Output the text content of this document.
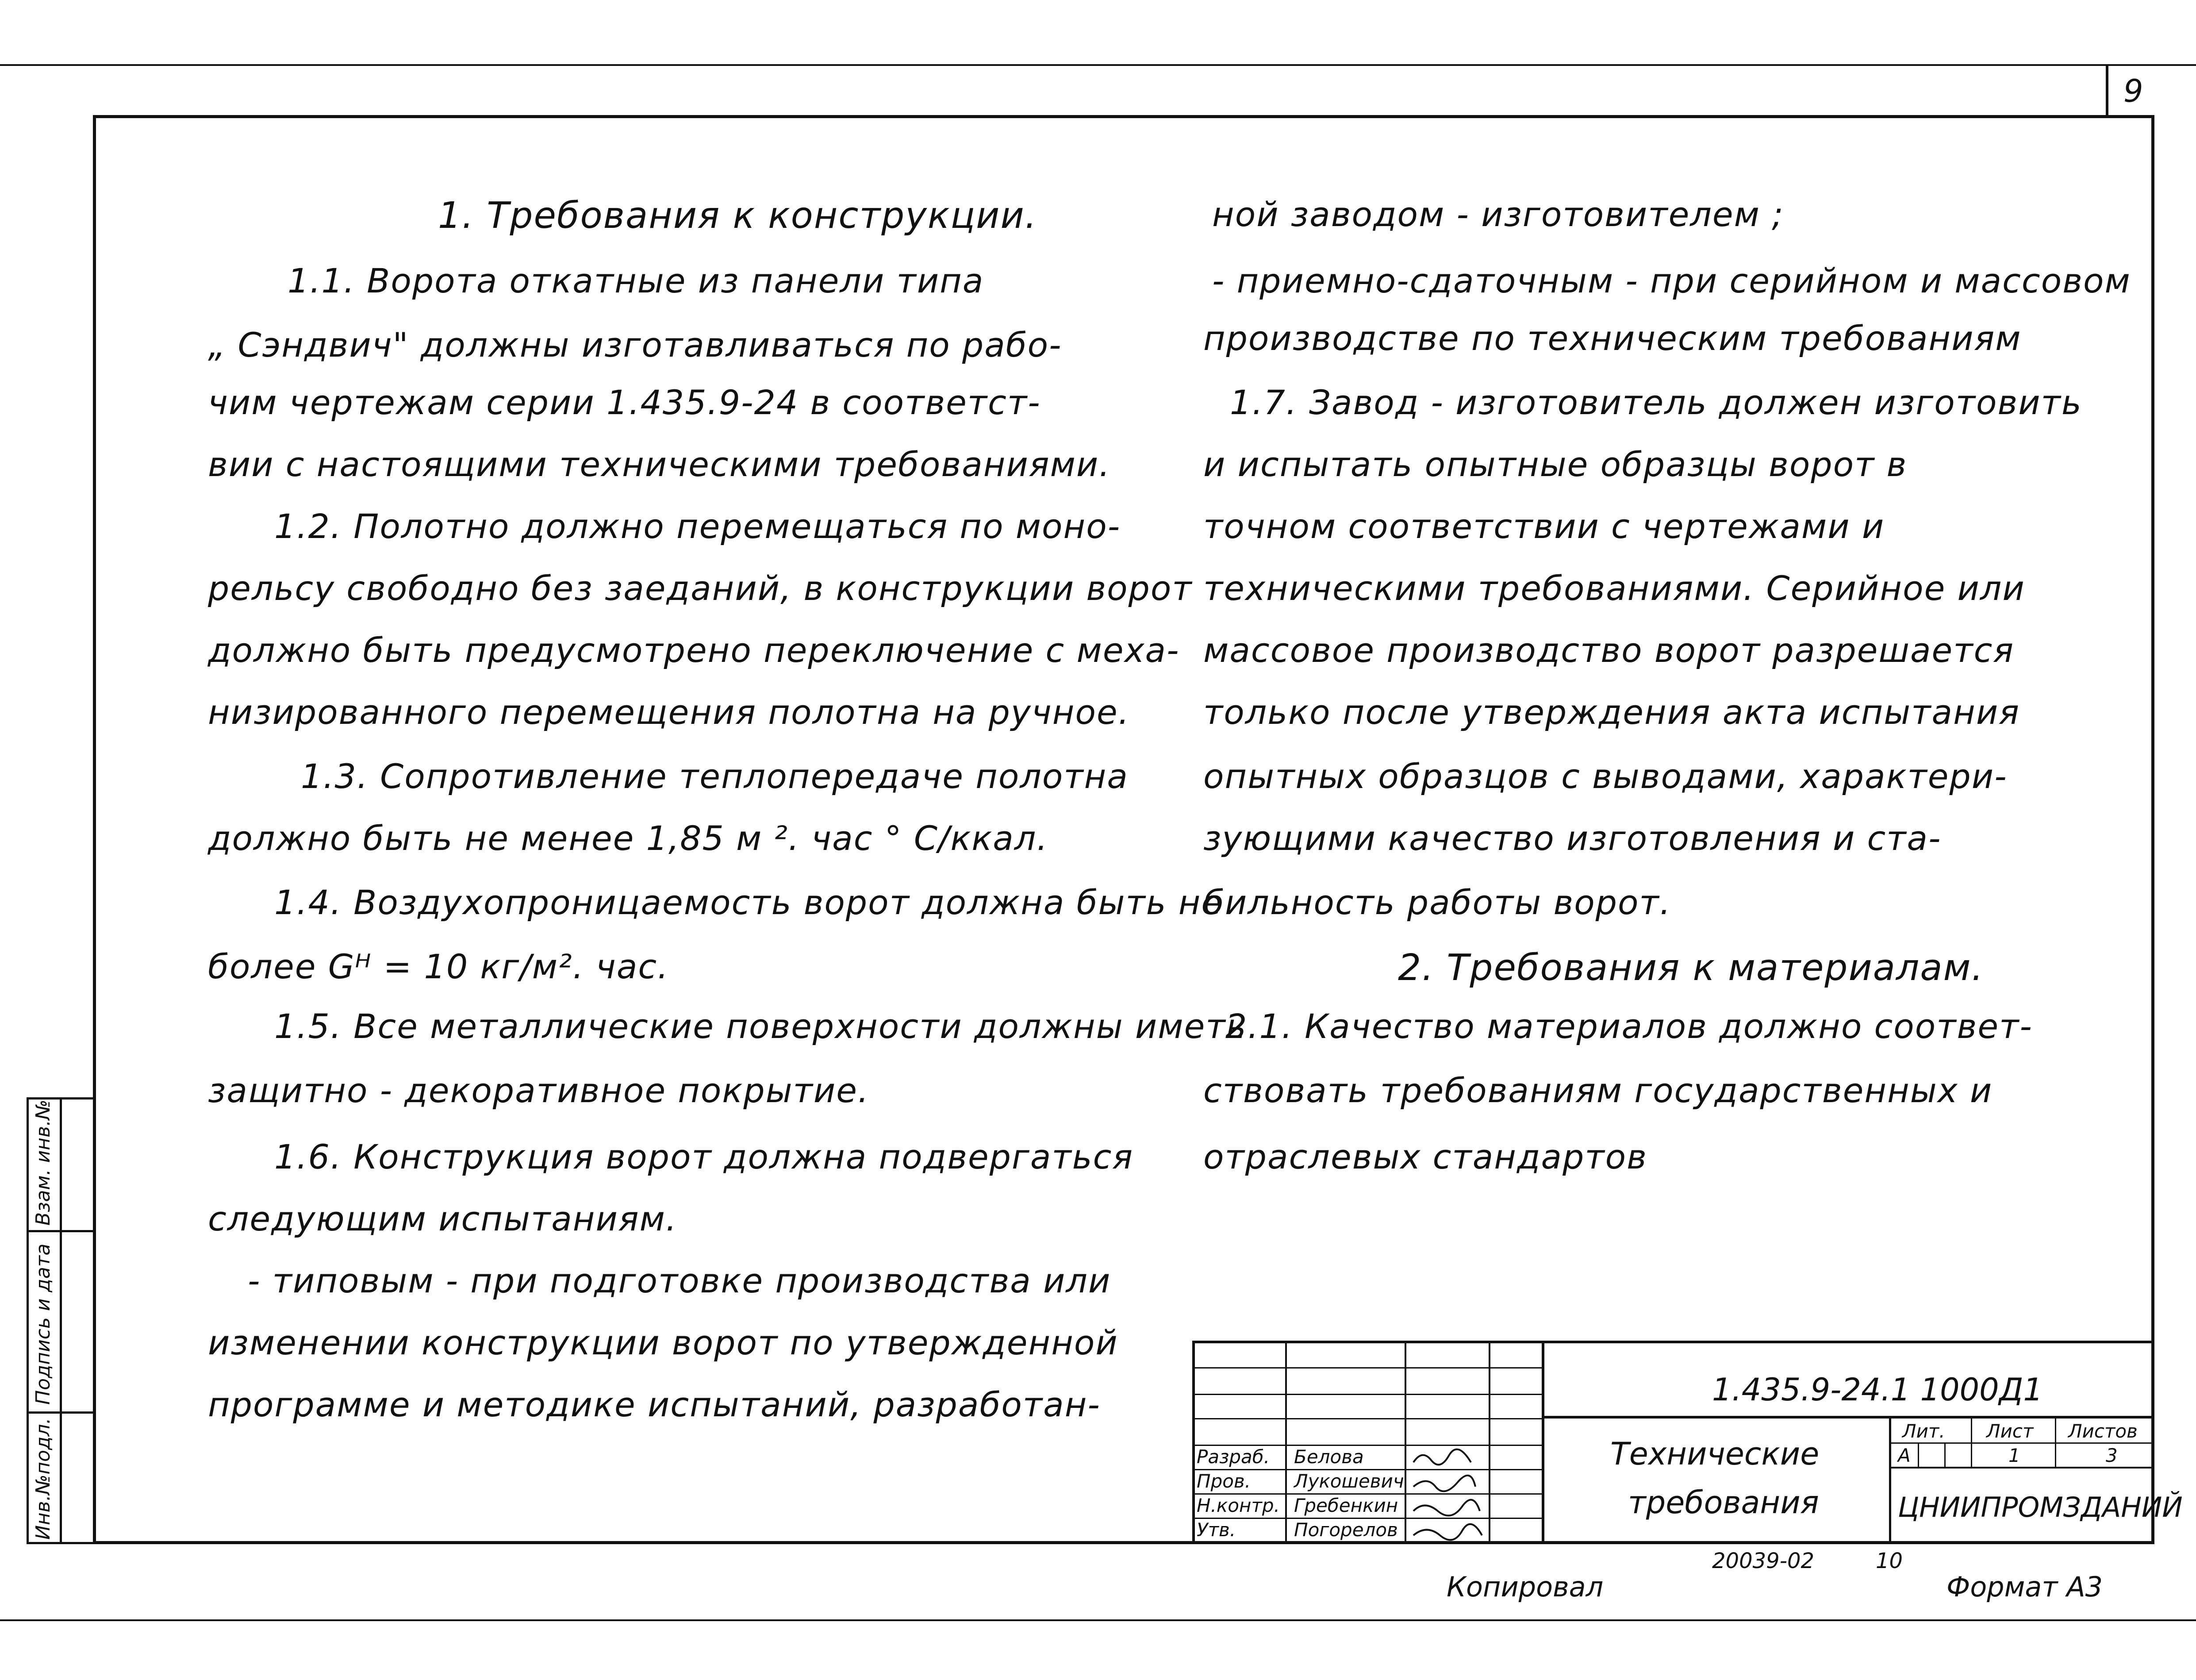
9
Взам. инв.№
Подпись и дата
Инв.№подл.
1. Требования к конструкции.
1.1. Ворота откатные из панели типа
„ Сэндвич" должны изготавливаться по рабо-
чим чертежам серии 1.435.9-24 в соответст-
вии с настоящими техническими требованиями.
1.2. Полотно должно перемещаться по моно-
рельсу свободно без заеданий, в конструкции ворот
должно быть предусмотрено переключение с меха-
низированного перемещения полотна на ручное.
1.3. Сопротивление теплопередаче полотна
должно быть не менее 1,85 м ². час ° С/ккал.
1.4. Воздухопроницаемость ворот должна быть не
более Gᴴ = 10 кг/м². час.
1.5. Все металлические поверхности должны иметь
защитно - декоративное покрытие.
1.6. Конструкция ворот должна подвергаться
следующим испытаниям.
- типовым - при подготовке производства или
изменении конструкции ворот по утвержденной
программе и методике испытаний, разработан-
ной заводом - изготовителем ;
- приемно-сдаточным - при серийном и массовом
производстве по техническим требованиям
1.7. Завод - изготовитель должен изготовить
и испытать опытные образцы ворот в
точном соответствии с чертежами и
техническими требованиями. Серийное или
массовое производство ворот разрешается
только после утверждения акта испытания
опытных образцов с выводами, характери-
зующими качество изготовления и ста-
бильность работы ворот.
2. Требования к материалам.
2.1. Качество материалов должно соответ-
ствовать требованиям государственных и
отраслевых стандартов
Разраб. Белова
Пров. Лукошевич
Н.контр. Гребенкин
Утв.	Погорелов
1.435.9-24.1 1000Д1
Технические
требования
Лит. Лист Листов
А	1	3
ЦНИИПРОМЗДАНИЙ
20039-02	10
Копировал	Формат А3
